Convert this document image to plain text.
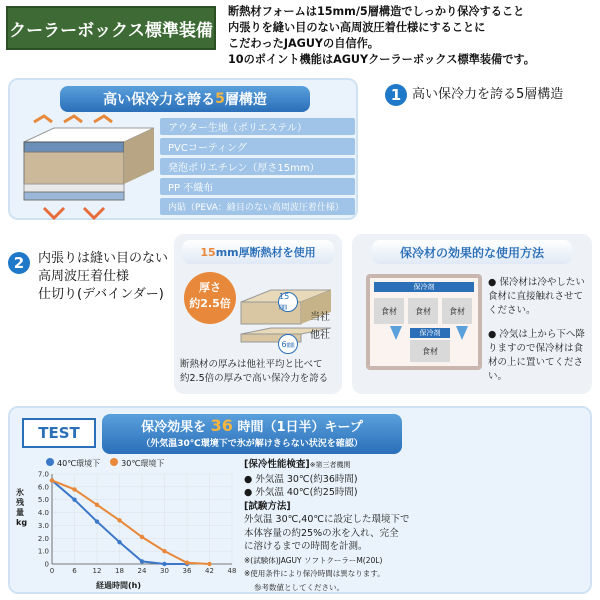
クーラーボックス標準装備
断熱材フォームは15mm/5層構造でしっかり保冷すること
内張りを縫い目のない高周波圧着仕様にすることに
こだわったJAGUYの自信作。
10のポイント機能はAGUYクーラーボックス標準装備です。
高い保冷力を誇る 5 層構造
アウター生地（ポリエステル）
PVCコーティング
発泡ポリエチレン（厚さ15mm）
PP 不織布
内貼（PEVA：縫目のない高周波圧着仕様）
1 高い保冷力を誇る5層構造
2	内張りは縫い目のない
高周波圧着仕様
仕切り(デバインダー)
15 mm厚断熱材を使用
厚さ
約2.5倍
15㎜
6㎜
当社
他社
断熱材の厚みは他社平均と比べて
約2.5倍の厚みで高い保冷力を誇る
保冷材の効果的な使用方法
保冷剤
食材	食材	食材
保冷剤
食材
● 保冷材は冷やしたい食材に直接触れさせてください。
● 冷気は上から下へ降りますので保冷材は食材の上に置いてください。
TEST	保冷効果を 36 時間（1日半）キープ
（外気温30℃環境下で氷が解けきらない状況を確認）
40℃環境下	30℃環境下
氷残量 kg
0
1.0
2.0
3.0
4.0
5.0
6.0
7.0
0	6 12 18 24 30 36 42 48
経過時間(h)
[保冷性能検査]※第三者機関
● 外気温 30℃(約36時間)
● 外気温 40℃(約25時間)
[試験方法]
外気温 30℃,40℃に設定した環境下で
本体容量の約25%の氷を入れ、完全
に溶けるまでの時間を計測。
※(試験体)JAGUY ソフトクーラーM(20L)
※使用条件により保冷時間は異なります。
参考数値としてください。
